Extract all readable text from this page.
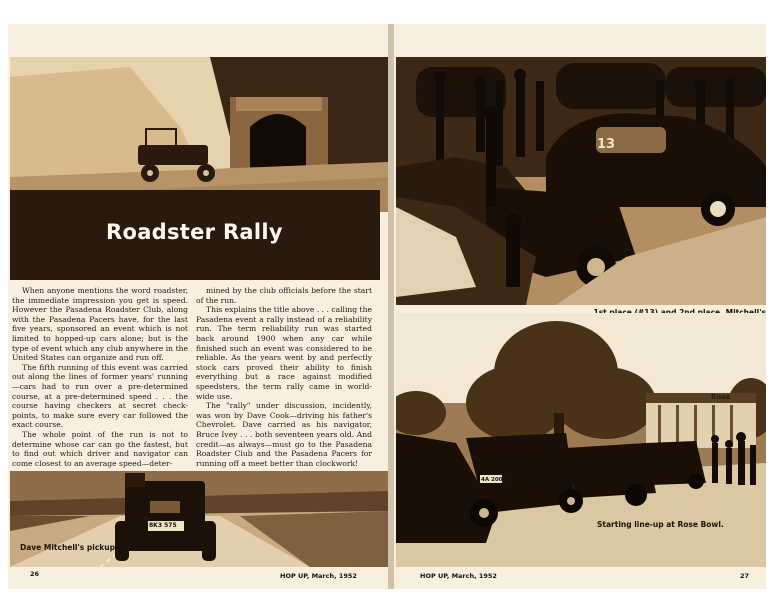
Roadster Rally

When anyone mentions the word roadster, the immediate impression you get is speed. However the Pasadena Roadster Club, along with the Pasadena Pacers have, for the last five years, sponsored an event which is not limited to hopped-up cars alone; but is the type of event which any club anywhere in the United States can organize and run off.

The fifth running of this event was carried out along the lines of former years' running —cars had to run over a pre-determined course, at a pre-determined speed . . . the course having checkers at secret check-points, to make sure every car followed the exact course.

The whole point of the run is not to determine whose car can go the fastest, but to find out which driver and navigator can come closest to an average speed—deter-

mined by the club officials before the start of the run.

This explains the title above . . . calling the Pasadena event a rally instead of a reliability run. The term reliability run was started back around 1900 when any car while finished such an event was considered to be reliable. As the years went by and perfectly stock cars proved their ability to finish everything but a race against modified speedsters, the term rally came in world-wide use.

The "rally" under discussion, incidently, was won by Dave Cook—driving his father's Chevrolet. Dave carried as his navigator, Bruce Ivey . . . both seventeen years old. And credit—as always—must go to the Pasadena Roadster Club and the Pasadena Pacers for running off a meet better than clockwork!

8K3 575
Dave Mitchell's pickup
26	HOP UP, March, 1952
13
Rose
4A 2000
Starting line-up at Rose Bowl.
HOP UP, March, 1952	27
